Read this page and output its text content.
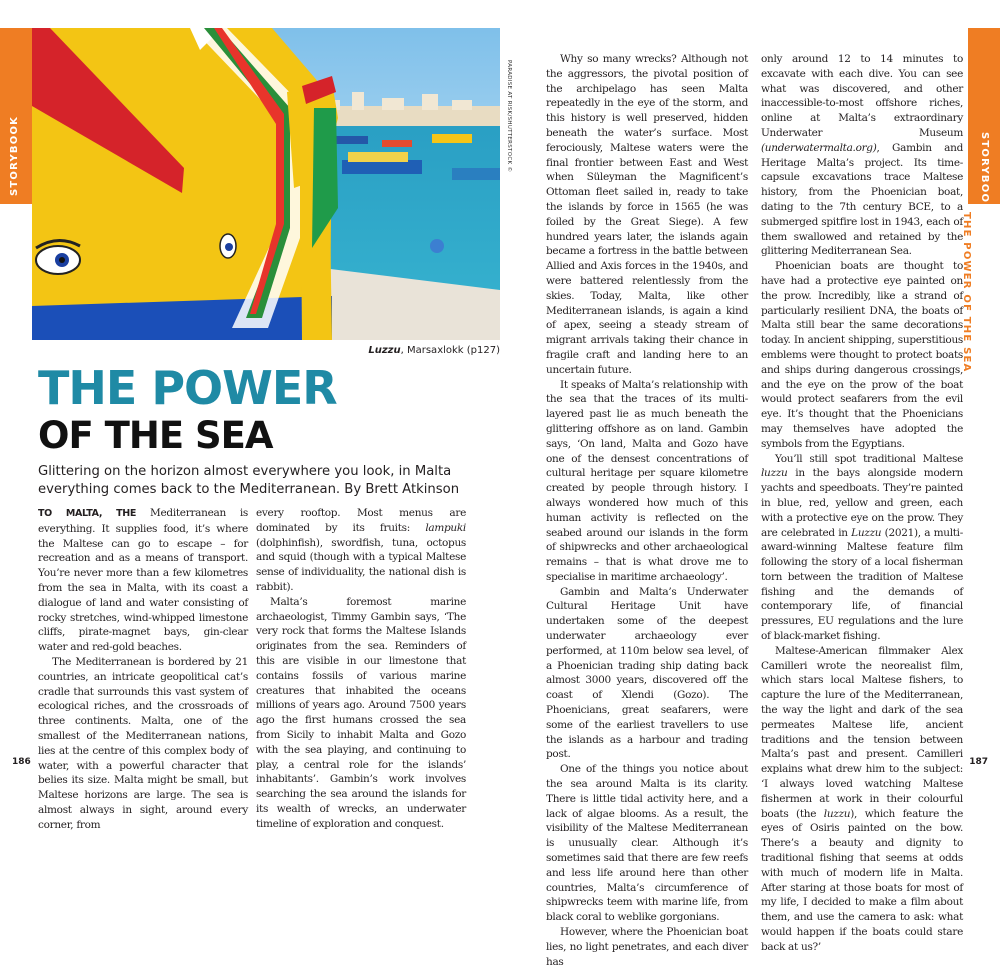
STORYBOOK	STORYBOOK
THE POWER OF THE SEA
PARADISE AT RISK/SHUTTERSTOCK ©
Luzzu, Marsaxlokk (p127)
THE POWER
OF THE SEA
Glittering on the horizon almost everywhere you look, in Malta everything comes back to the Mediterranean. By Brett Atkinson

TO MALTA, THE Mediterranean is everything. It supplies food, it’s where the Maltese can go to escape – for recreation and as a means of transport. You’re never more than a few kilometres from the sea in Malta, with its coast a dialogue of land and water consisting of rocky stretches, wind-whipped limestone cliffs, pirate-magnet bays, gin-clear water and red-gold beaches.

The Mediterranean is bordered by 21 countries, an intricate geopolitical cat’s cradle that surrounds this vast system of ecological riches, and the crossroads of three continents. Malta, one of the smallest of the Mediterranean nations, lies at the centre of this complex body of water, with a powerful character that belies its size. Malta might be small, but Maltese horizons are large. The sea is almost always in sight, around every corner, from

every rooftop. Most menus are dominated by its fruits: lampuki (dolphinfish), swordfish, tuna, octopus and squid (though with a typical Maltese sense of individuality, the national dish is rabbit).

Malta’s foremost marine archaeologist, Timmy Gambin says, ‘The very rock that forms the Maltese Islands originates from the sea. Reminders of this are visible in our limestone that contains fossils of various marine creatures that inhabited the oceans millions of years ago. Around 7500 years ago the first humans crossed the sea from Sicily to inhabit Malta and Gozo with the sea playing, and continuing to play, a central role for the islands’ inhabitants’. Gambin’s work involves searching the sea around the islands for its wealth of wrecks, an underwater timeline of exploration and conquest.

Why so many wrecks? Although not the aggressors, the pivotal position of the archipelago has seen Malta repeatedly in the eye of the storm, and this history is well preserved, hidden beneath the water’s surface. Most ferociously, Maltese waters were the final frontier between East and West when Süleyman the Magnificent’s Ottoman fleet sailed in, ready to take the islands by force in 1565 (he was foiled by the Great Siege). A few hundred years later, the islands again became a fortress in the battle between Allied and Axis forces in the 1940s, and were battered relentlessly from the skies. Today, Malta, like other Mediterranean islands, is again a kind of apex, seeing a steady stream of migrant arrivals taking their chance in fragile craft and landing here to an uncertain future.

It speaks of Malta’s relationship with the sea that the traces of its multi-layered past lie as much beneath the glittering offshore as on land. Gambin says, ‘On land, Malta and Gozo have one of the densest concentrations of cultural heritage per square kilometre created by people through history. I always wondered how much of this human activity is reflected on the seabed around our islands in the form of shipwrecks and other archaeological remains – that is what drove me to specialise in maritime archaeology’.

Gambin and Malta’s Underwater Cultural Heritage Unit have undertaken some of the deepest underwater archaeology ever performed, at 110m below sea level, of a Phoenician trading ship dating back almost 3000 years, discovered off the coast of Xlendi (Gozo). The Phoenicians, great seafarers, were some of the earliest travellers to use the islands as a harbour and trading post.

One of the things you notice about the sea around Malta is its clarity. There is little tidal activity here, and a lack of algae blooms. As a result, the visibility of the Maltese Mediterranean is unusually clear. Although it’s sometimes said that there are few reefs and less life around here than other countries, Malta’s circumference of shipwrecks teem with marine life, from black coral to weblike gorgonians.

However, where the Phoenician boat lies, no light penetrates, and each diver has

only around 12 to 14 minutes to excavate with each dive. You can see what was discovered, and other inaccessible-to-most offshore riches, online at Malta’s extraordinary Underwater Museum (underwatermalta.org), Gambin and Heritage Malta’s project. Its time-capsule excavations trace Maltese history, from the Phoenician boat, dating to the 7th century BCE, to a submerged spitfire lost in 1943, each of them swallowed and retained by the glittering Mediterranean Sea.

Phoenician boats are thought to have had a protective eye painted on the prow. Incredibly, like a strand of particularly resilient DNA, the boats of Malta still bear the same decorations today. In ancient shipping, superstitious emblems were thought to protect boats and ships during dangerous crossings, and the eye on the prow of the boat would protect seafarers from the evil eye. It’s thought that the Phoenicians may themselves have adopted the symbols from the Egyptians.

You’ll still spot traditional Maltese luzzu in the bays alongside modern yachts and speedboats. They’re painted in blue, red, yellow and green, each with a protective eye on the prow. They are celebrated in Luzzu (2021), a multi-award-winning Maltese feature film following the story of a local fisherman torn between the tradition of Maltese fishing and the demands of contemporary life, of financial pressures, EU regulations and the lure of black-market fishing.

Maltese-American filmmaker Alex Camilleri wrote the neorealist film, which stars local Maltese fishers, to capture the lure of the Mediterranean, the way the light and dark of the sea permeates Maltese life, ancient traditions and the tension between Malta’s past and present. Camilleri explains what drew him to the subject: ‘I always loved watching Maltese fishermen at work in their colourful boats (the luzzu), which feature the eyes of Osiris painted on the bow. There’s a beauty and dignity to traditional fishing that seems at odds with much of modern life in Malta. After staring at those boats for most of my life, I decided to make a film about them, and use the camera to ask: what would happen if the boats could stare back at us?’

186	187
